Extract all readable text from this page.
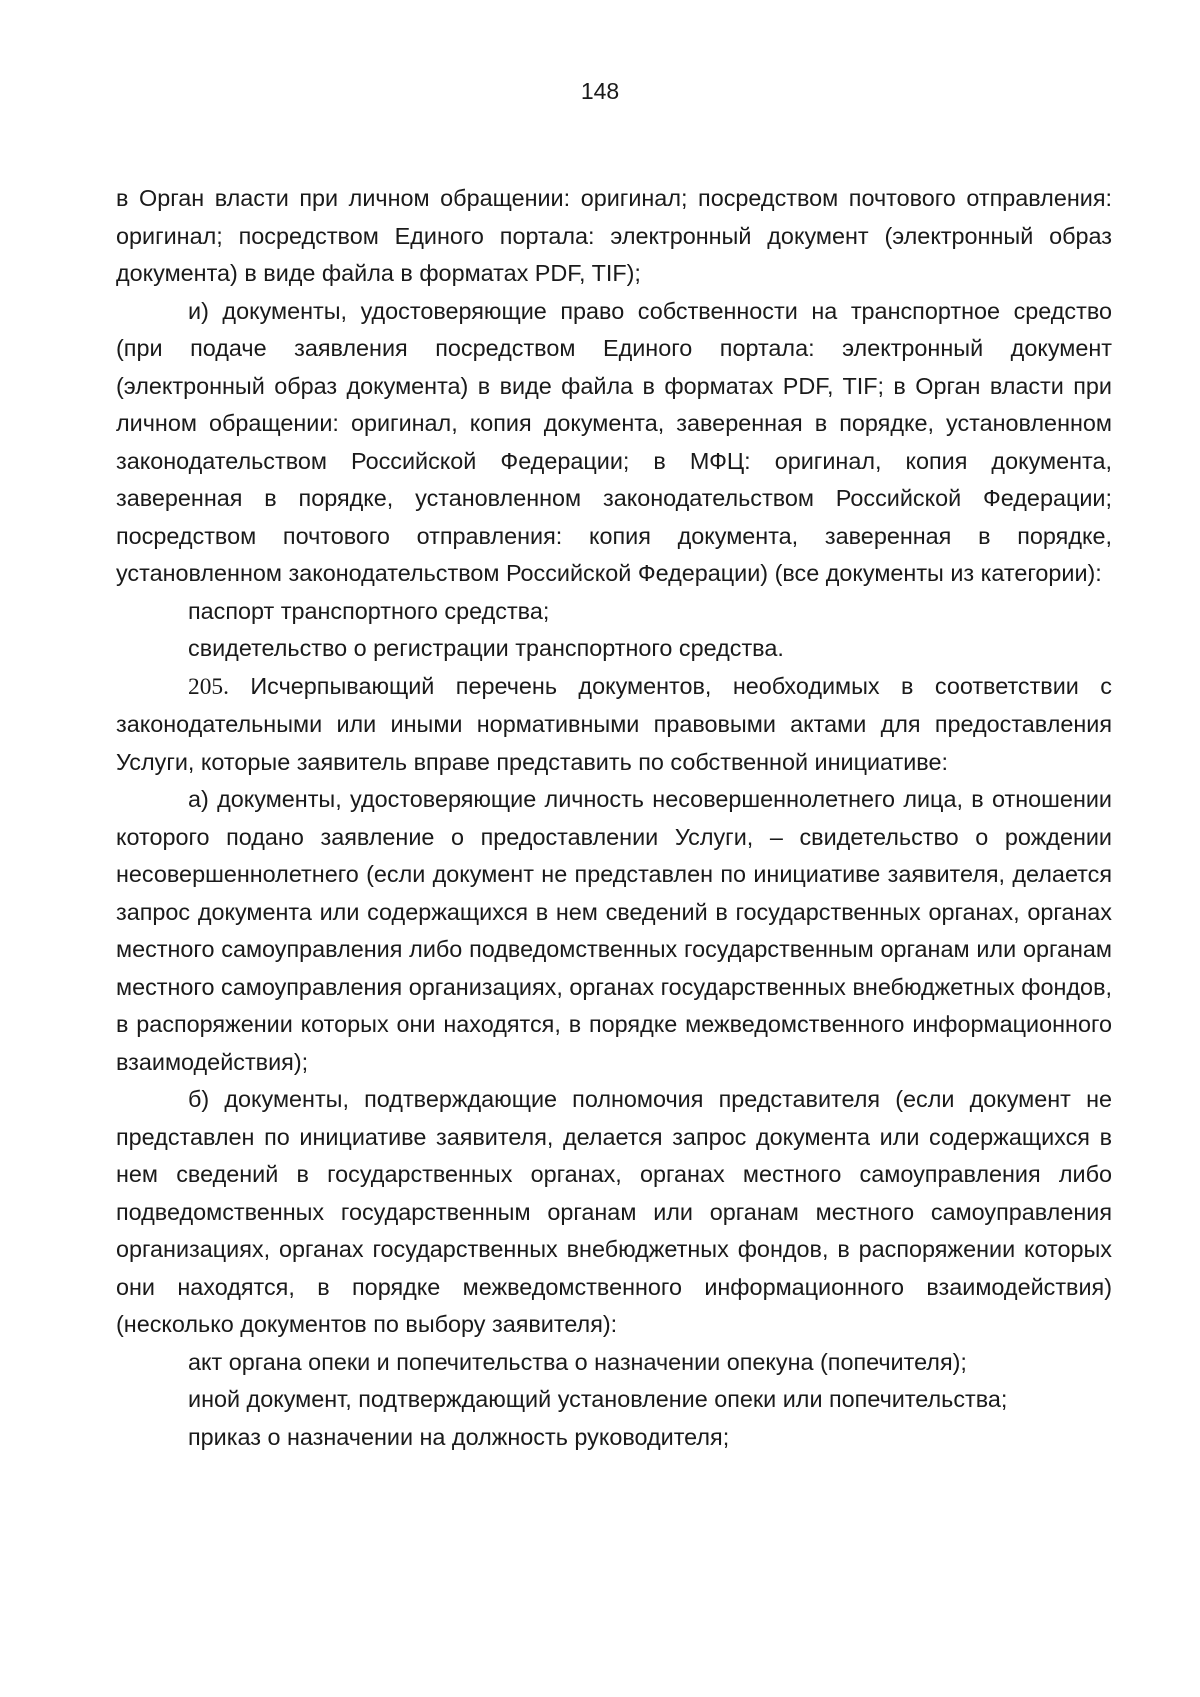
148

в Орган власти при личном обращении: оригинал; посредством почтового отправления: оригинал; посредством Единого портала: электронный документ (электронный образ документа) в виде файла в форматах PDF, TIF);

и) документы, удостоверяющие право собственности на транспортное средство (при подаче заявления посредством Единого портала: электронный документ (электронный образ документа) в виде файла в форматах PDF, TIF; в Орган власти при личном обращении: оригинал, копия документа, заверенная в порядке, установленном законодательством Российской Федерации; в МФЦ: оригинал, копия документа, заверенная в порядке, установленном законодательством Российской Федерации; посредством почтового отправления: копия документа, заверенная в порядке, установленном законодательством Российской Федерации) (все документы из категории):

паспорт транспортного средства;

свидетельство о регистрации транспортного средства.

205. Исчерпывающий перечень документов, необходимых в соответствии с законодательными или иными нормативными правовыми актами для предоставления Услуги, которые заявитель вправе представить по собственной инициативе:

а) документы, удостоверяющие личность несовершеннолетнего лица, в отношении которого подано заявление о предоставлении Услуги, – свидетельство о рождении несовершеннолетнего (если документ не представлен по инициативе заявителя, делается запрос документа или содержащихся в нем сведений в государственных органах, органах местного самоуправления либо подведомственных государственным органам или органам местного самоуправления организациях, органах государственных внебюджетных фондов, в распоряжении которых они находятся, в порядке межведомственного информационного взаимодействия);

б) документы, подтверждающие полномочия представителя (если документ не представлен по инициативе заявителя, делается запрос документа или содержащихся в нем сведений в государственных органах, органах местного самоуправления либо подведомственных государственным органам или органам местного самоуправления организациях, органах государственных внебюджетных фондов, в распоряжении которых они находятся, в порядке межведомственного информационного взаимодействия) (несколько документов по выбору заявителя):

акт органа опеки и попечительства о назначении опекуна (попечителя);

иной документ, подтверждающий установление опеки или попечительства;

приказ о назначении на должность руководителя;
